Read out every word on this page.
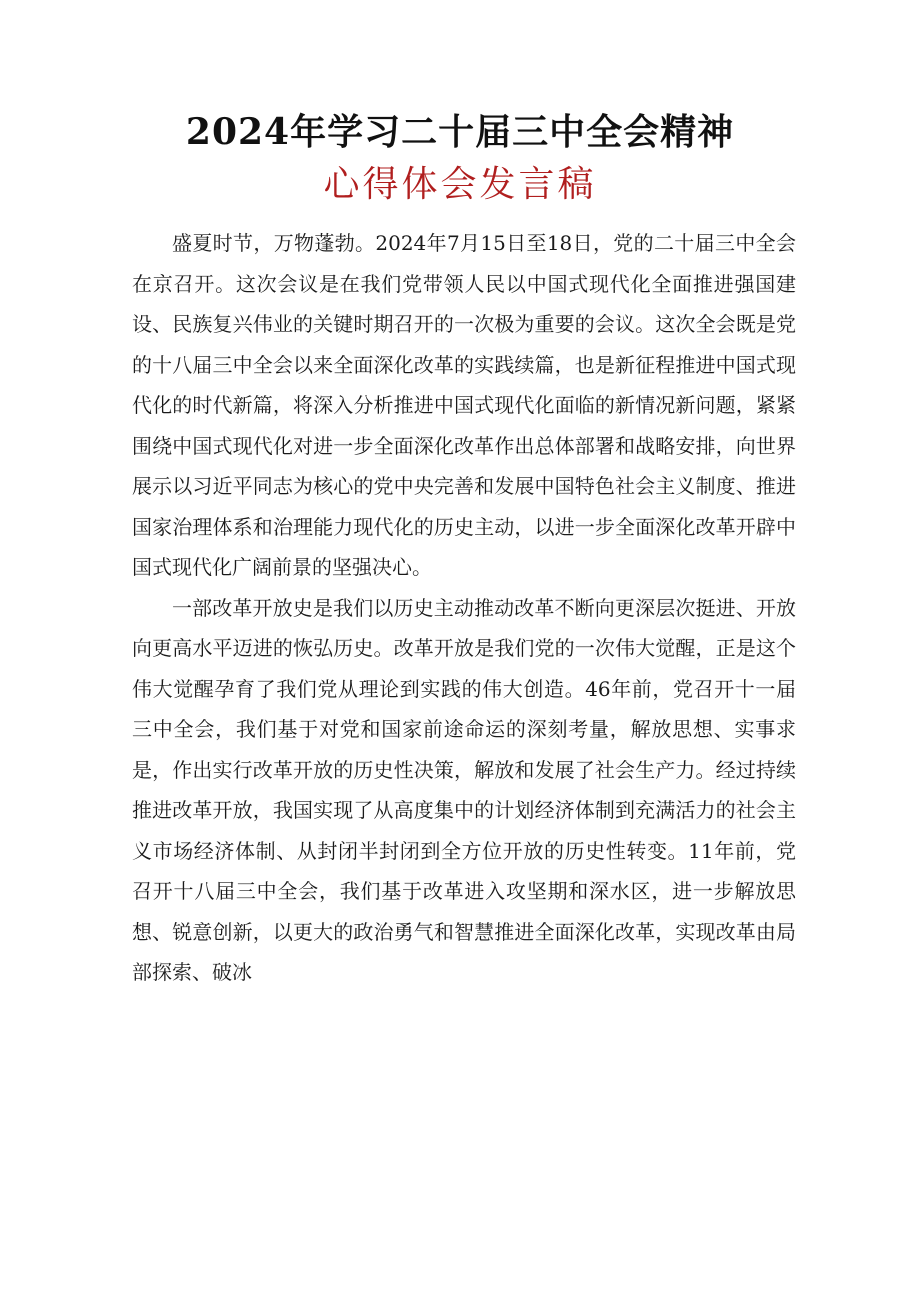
2024年学习二十届三中全会精神
心得体会发言稿

盛夏时节，万物蓬勃。2024年7月15日至18日，党的二十届三中全会在京召开。这次会议是在我们党带领人民以中国式现代化全面推进强国建设、民族复兴伟业的关键时期召开的一次极为重要的会议。这次全会既是党的十八届三中全会以来全面深化改革的实践续篇，也是新征程推进中国式现代化的时代新篇，将深入分析推进中国式现代化面临的新情况新问题，紧紧围绕中国式现代化对进一步全面深化改革作出总体部署和战略安排，向世界展示以习近平同志为核心的党中央完善和发展中国特色社会主义制度、推进国家治理体系和治理能力现代化的历史主动，以进一步全面深化改革开辟中国式现代化广阔前景的坚强决心。

一部改革开放史是我们以历史主动推动改革不断向更深层次挺进、开放向更高水平迈进的恢弘历史。改革开放是我们党的一次伟大觉醒，正是这个伟大觉醒孕育了我们党从理论到实践的伟大创造。46年前，党召开十一届三中全会，我们基于对党和国家前途命运的深刻考量，解放思想、实事求是，作出实行改革开放的历史性决策，解放和发展了社会生产力。经过持续推进改革开放，我国实现了从高度集中的计划经济体制到充满活力的社会主义市场经济体制、从封闭半封闭到全方位开放的历史性转变。11年前，党召开十八届三中全会，我们基于改革进入攻坚期和深水区，进一步解放思想、锐意创新，以更大的政治勇气和智慧推进全面深化改革，实现改革由局部探索、破冰
